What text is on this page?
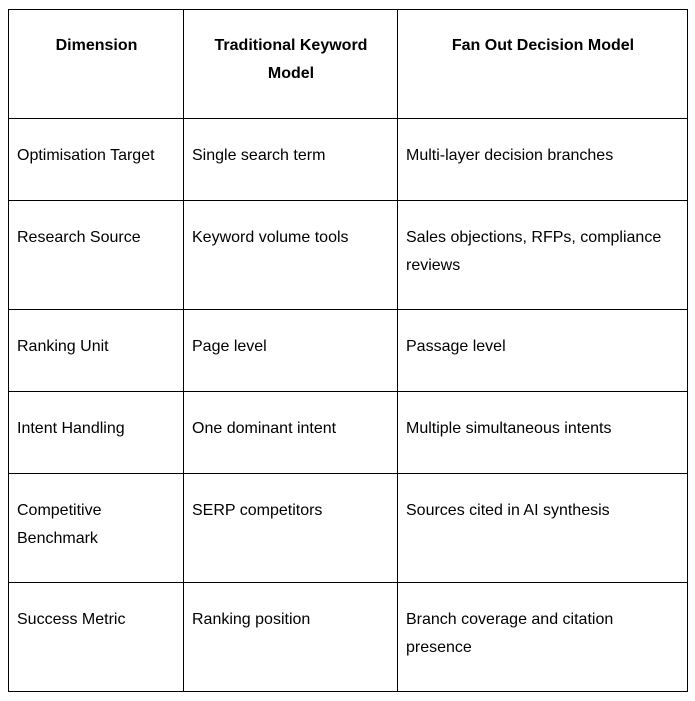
Dimension	Traditional Keyword Model	Fan Out Decision Model
Optimisation Target	Single search term	Multi-layer decision branches
Research Source	Keyword volume tools	Sales objections, RFPs, compliance reviews
Ranking Unit	Page level	Passage level
Intent Handling	One dominant intent	Multiple simultaneous intents
Competitive Benchmark	SERP competitors	Sources cited in AI synthesis
Success Metric	Ranking position	Branch coverage and citation presence
